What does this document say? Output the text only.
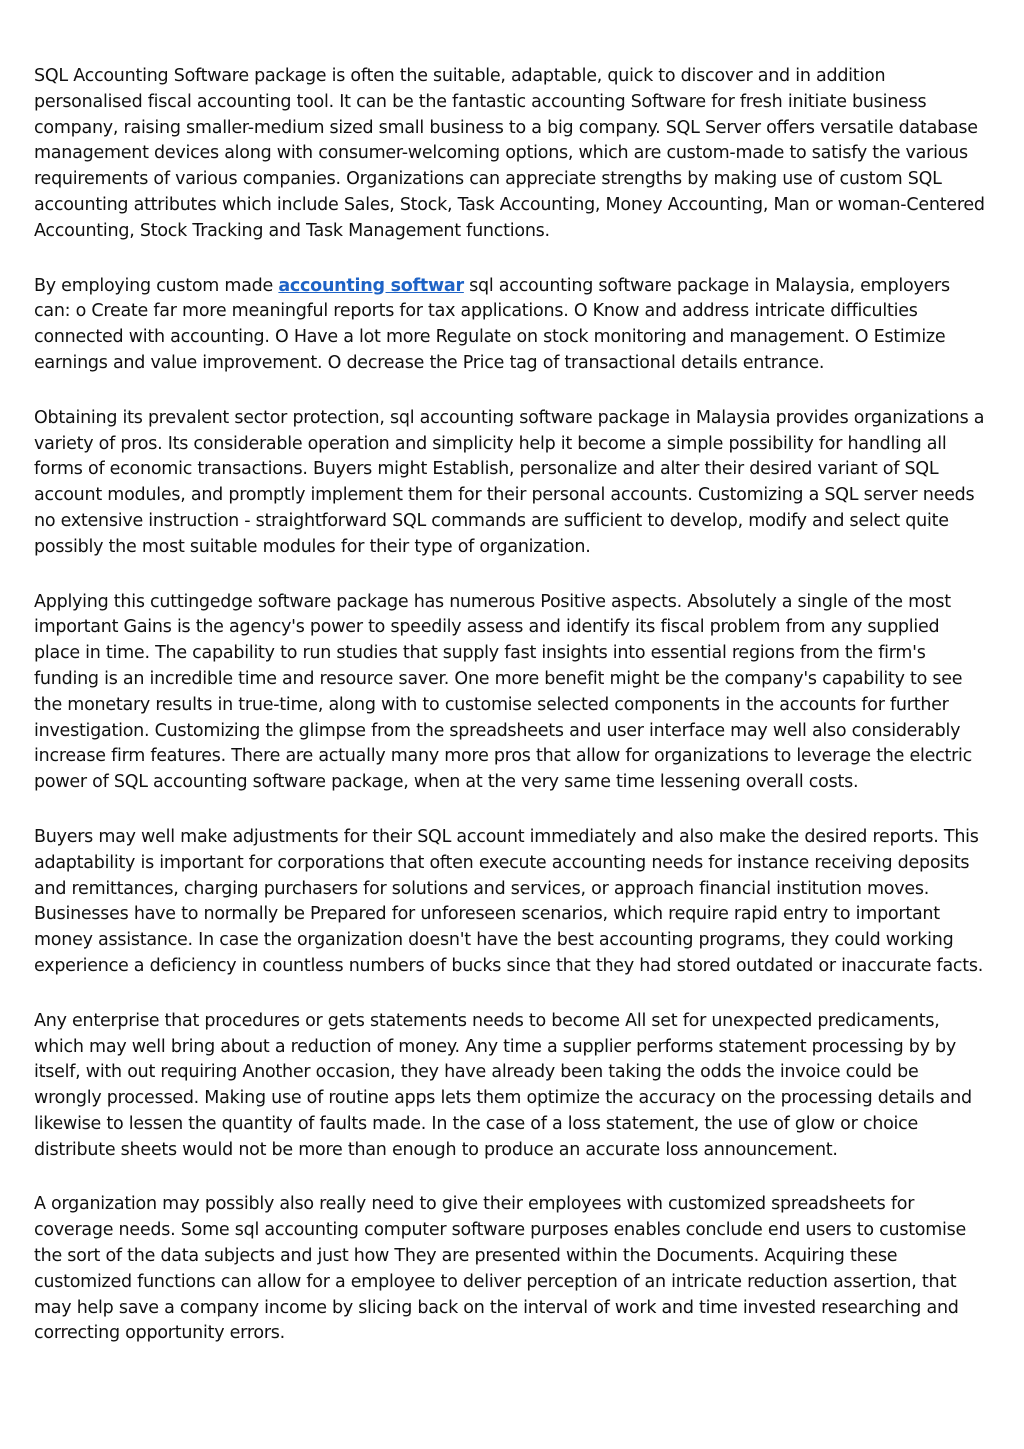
SQL Accounting Software package is often the suitable, adaptable, quick to discover and in addition personalised fiscal accounting tool. It can be the fantastic accounting Software for fresh initiate business company, raising smaller-medium sized small business to a big company. SQL Server offers versatile database management devices along with consumer-welcoming options, which are custom-made to satisfy the various requirements of various companies. Organizations can appreciate strengths by making use of custom SQL accounting attributes which include Sales, Stock, Task Accounting, Money Accounting, Man or woman-Centered Accounting, Stock Tracking and Task Management functions.

By employing custom made accounting softwar sql accounting software package in Malaysia, employers can: o Create far more meaningful reports for tax applications. O Know and address intricate difficulties connected with accounting. O Have a lot more Regulate on stock monitoring and management. O Estimize earnings and value improvement. O decrease the Price tag of transactional details entrance.

Obtaining its prevalent sector protection, sql accounting software package in Malaysia provides organizations a variety of pros. Its considerable operation and simplicity help it become a simple possibility for handling all forms of economic transactions. Buyers might Establish, personalize and alter their desired variant of SQL account modules, and promptly implement them for their personal accounts. Customizing a SQL server needs no extensive instruction - straightforward SQL commands are sufficient to develop, modify and select quite possibly the most suitable modules for their type of organization.

Applying this cuttingedge software package has numerous Positive aspects. Absolutely a single of the most important Gains is the agency's power to speedily assess and identify its fiscal problem from any supplied place in time. The capability to run studies that supply fast insights into essential regions from the firm's funding is an incredible time and resource saver. One more benefit might be the company's capability to see the monetary results in true-time, along with to customise selected components in the accounts for further investigation. Customizing the glimpse from the spreadsheets and user interface may well also considerably increase firm features. There are actually many more pros that allow for organizations to leverage the electric power of SQL accounting software package, when at the very same time lessening overall costs.

Buyers may well make adjustments for their SQL account immediately and also make the desired reports. This adaptability is important for corporations that often execute accounting needs for instance receiving deposits and remittances, charging purchasers for solutions and services, or approach financial institution moves. Businesses have to normally be Prepared for unforeseen scenarios, which require rapid entry to important money assistance. In case the organization doesn't have the best accounting programs, they could working experience a deficiency in countless numbers of bucks since that they had stored outdated or inaccurate facts.

Any enterprise that procedures or gets statements needs to become All set for unexpected predicaments, which may well bring about a reduction of money. Any time a supplier performs statement processing by by itself, with out requiring Another occasion, they have already been taking the odds the invoice could be wrongly processed. Making use of routine apps lets them optimize the accuracy on the processing details and likewise to lessen the quantity of faults made. In the case of a loss statement, the use of glow or choice distribute sheets would not be more than enough to produce an accurate loss announcement.

A organization may possibly also really need to give their employees with customized spreadsheets for coverage needs. Some sql accounting computer software purposes enables conclude end users to customise the sort of the data subjects and just how They are presented within the Documents. Acquiring these customized functions can allow for a employee to deliver perception of an intricate reduction assertion, that may help save a company income by slicing back on the interval of work and time invested researching and correcting opportunity errors.
